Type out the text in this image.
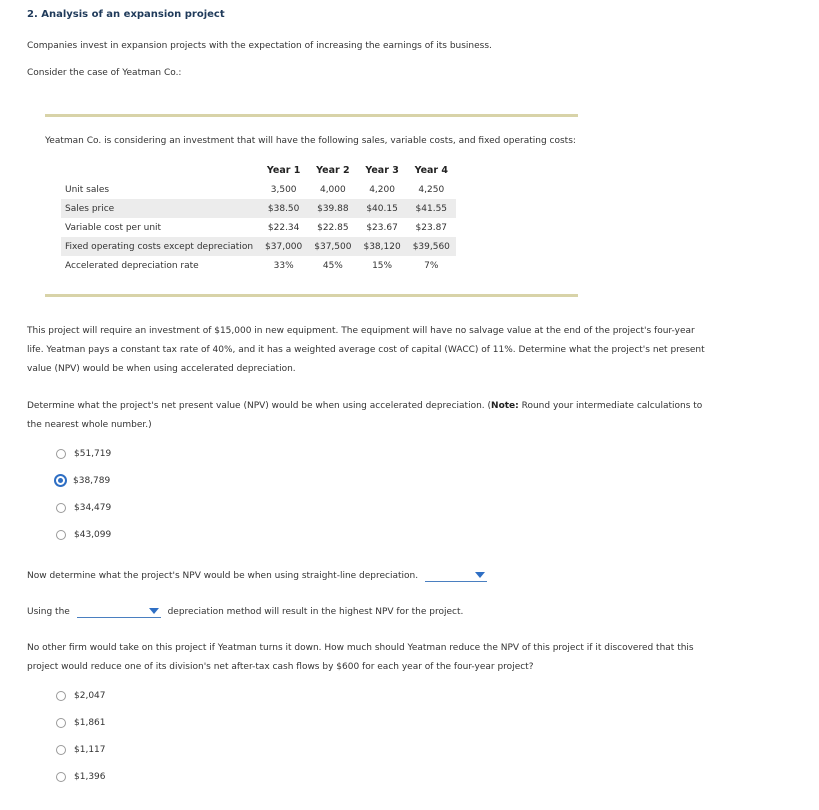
2. Analysis of an expansion project
Companies invest in expansion projects with the expectation of increasing the earnings of its business.
Consider the case of Yeatman Co.:
Yeatman Co. is considering an investment that will have the following sales, variable costs, and fixed operating costs:
	Year 1	Year 2	Year 3	Year 4
Unit sales	3,500	4,000	4,200	4,250
Sales price	$38.50	$39.88	$40.15	$41.55
Variable cost per unit	$22.34	$22.85	$23.67	$23.87
Fixed operating costs except depreciation	$37,000	$37,500	$38,120	$39,560
Accelerated depreciation rate	33%	45%	15%	7%
This project will require an investment of $15,000 in new equipment. The equipment will have no salvage value at the end of the project's four-year
life. Yeatman pays a constant tax rate of 40%, and it has a weighted average cost of capital (WACC) of 11%. Determine what the project's net present
value (NPV) would be when using accelerated depreciation.
Determine what the project's net present value (NPV) would be when using accelerated depreciation. (Note: Round your intermediate calculations to
the nearest whole number.)
$51,719
$38,789
$34,479
$43,099
Now determine what the project's NPV would be when using straight-line depreciation.
Using the	depreciation method will result in the highest NPV for the project.
No other firm would take on this project if Yeatman turns it down. How much should Yeatman reduce the NPV of this project if it discovered that this
project would reduce one of its division's net after-tax cash flows by $600 for each year of the four-year project?
$2,047
$1,861
$1,117
$1,396
